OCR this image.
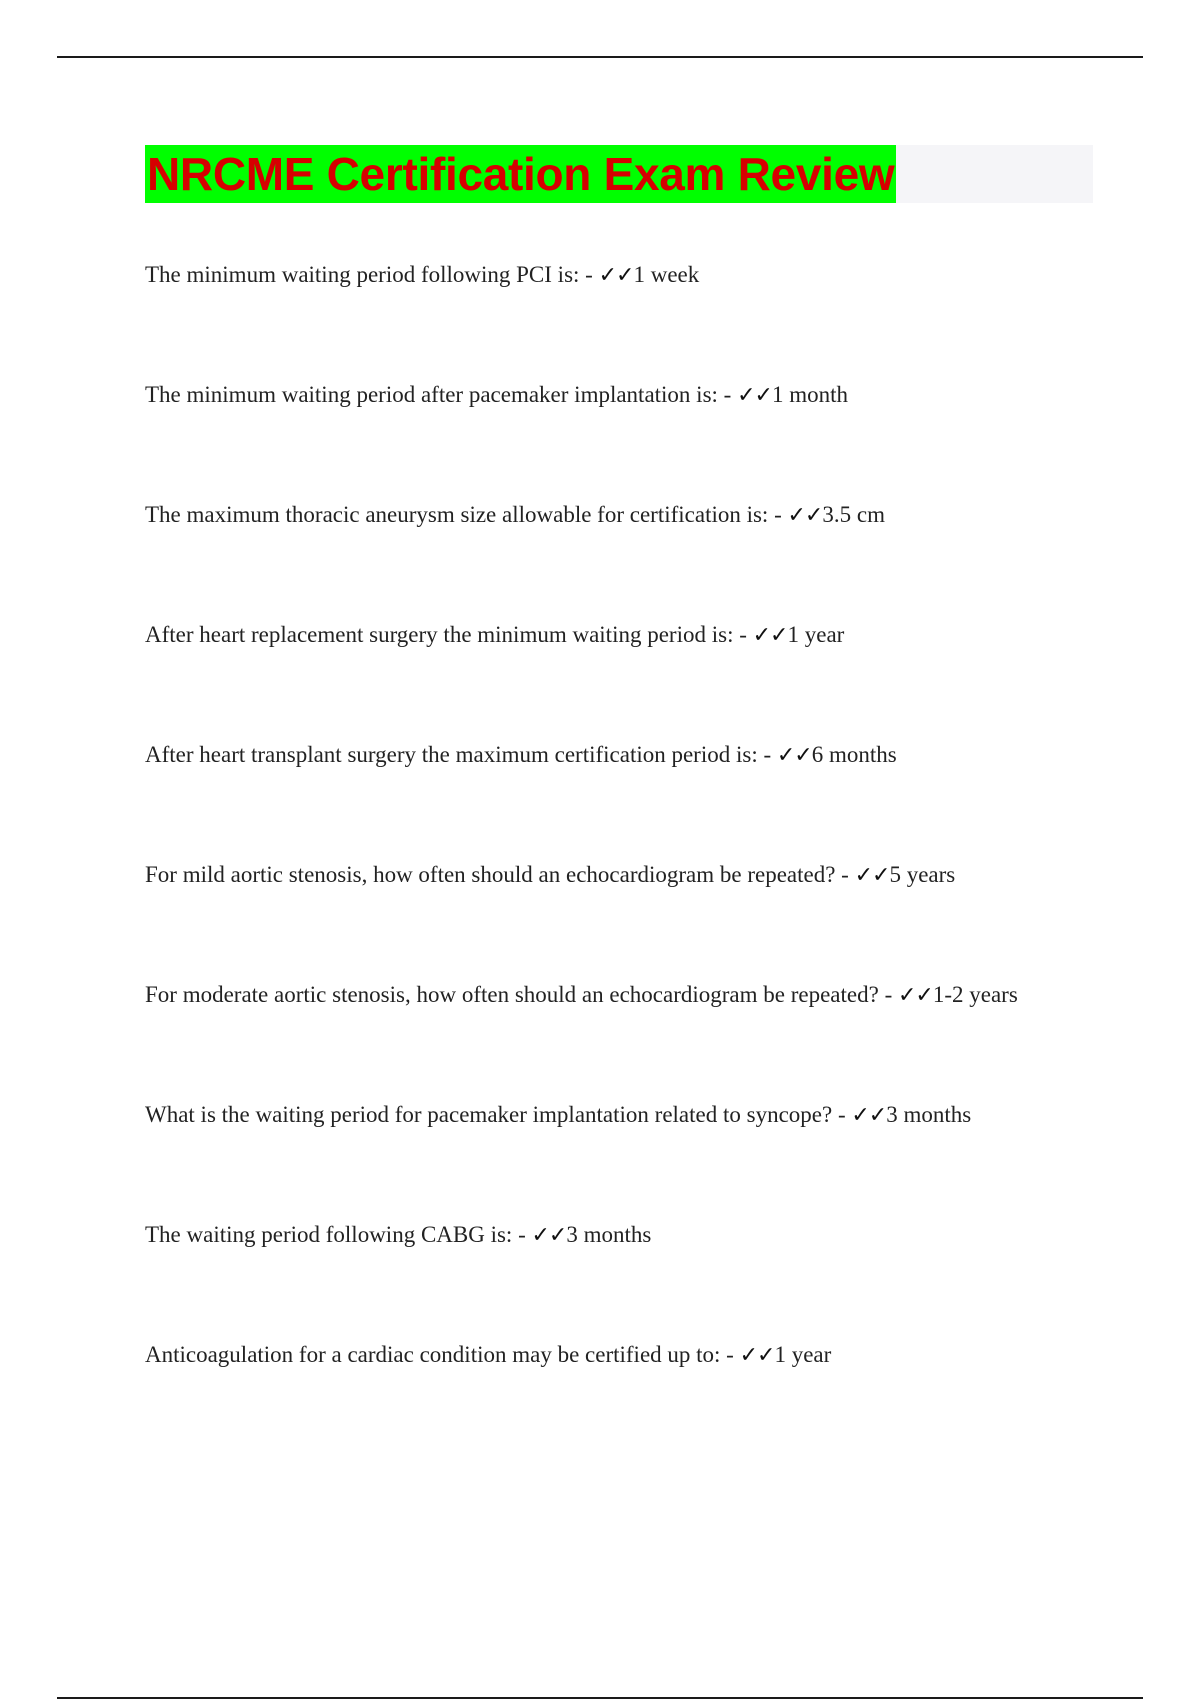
NRCME Certification Exam Review
The minimum waiting period following PCI is: - ✓✓1 week
The minimum waiting period after pacemaker implantation is: - ✓✓1 month
The maximum thoracic aneurysm size allowable for certification is: - ✓✓3.5 cm
After heart replacement surgery the minimum waiting period is: - ✓✓1 year
After heart transplant surgery the maximum certification period is: - ✓✓6 months
For mild aortic stenosis, how often should an echocardiogram be repeated? - ✓✓5 years
For moderate aortic stenosis, how often should an echocardiogram be repeated? - ✓✓1-2 years
What is the waiting period for pacemaker implantation related to syncope? - ✓✓3 months
The waiting period following CABG is: - ✓✓3 months
Anticoagulation for a cardiac condition may be certified up to: - ✓✓1 year
